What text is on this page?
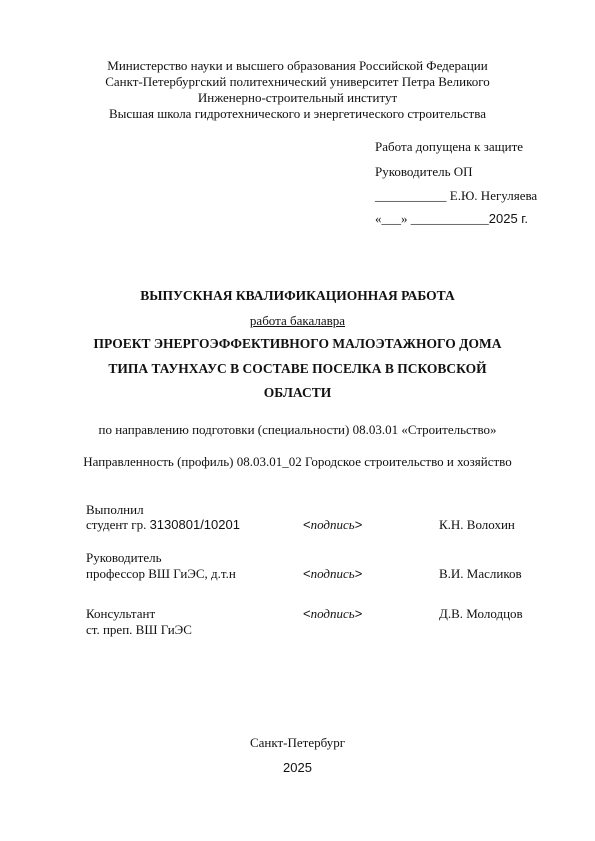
Министерство науки и высшего образования Российской Федерации
Санкт-Петербургский политехнический университет Петра Великого
Инженерно-строительный институт
Высшая школа гидротехнического и энергетического строительства
Работа допущена к защите
Руководитель ОП
___________ Е.Ю. Негуляева
«___» ____________2025 г.
ВЫПУСКНАЯ КВАЛИФИКАЦИОННАЯ РАБОТА
работа бакалавра
ПРОЕКТ ЭНЕРГОЭФФЕКТИВНОГО МАЛОЭТАЖНОГО ДОМА
ТИПА ТАУНХАУС В СОСТАВЕ ПОСЕЛКА В ПСКОВСКОЙ
ОБЛАСТИ
по направлению подготовки (специальности) 08.03.01 «Строительство»
Направленность (профиль) 08.03.01_02 Городское строительство и хозяйство
Выполнил
студент гр. 3130801/10201	<подпись>	К.Н. Волохин
Руководитель
профессор ВШ ГиЭС, д.т.н	<подпись>	В.И. Масликов
Консультант	<подпись>	Д.В. Молодцов
ст. преп. ВШ ГиЭС
Санкт-Петербург
2025
